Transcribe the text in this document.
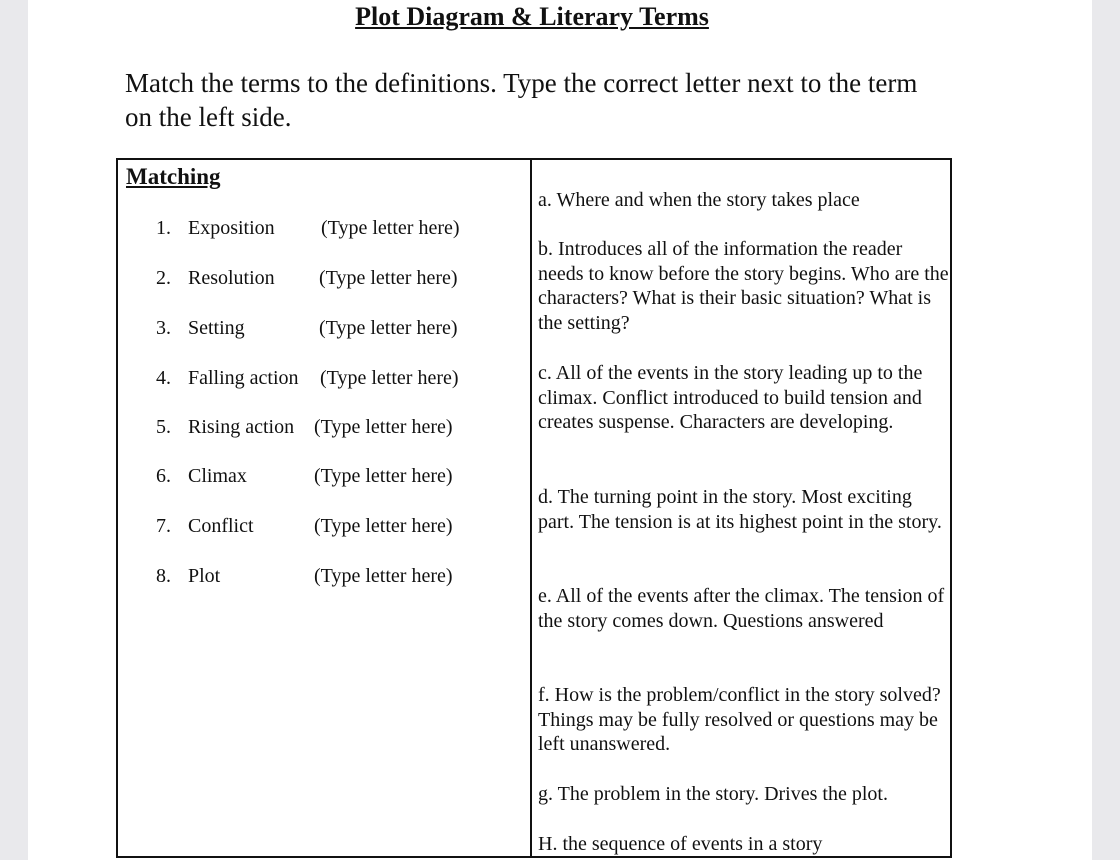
Plot Diagram & Literary Terms
Match the terms to the definitions. Type the correct letter next to the term on the left side.
Matching
1. Exposition (Type letter here)
2. Resolution (Type letter here)
3. Setting	(Type letter here)
4. Falling action (Type letter here)
5. Rising action (Type letter here)
6. Climax	(Type letter here)
7. Conflict	(Type letter here)
8. Plot	(Type letter here)
a. Where and when the story takes place
b. Introduces all of the information the reader needs to know before the story begins. Who are the characters? What is their basic situation? What is the setting?
c. All of the events in the story leading up to the climax. Conflict introduced to build tension and creates suspense. Characters are developing.
d. The turning point in the story. Most exciting part. The tension is at its highest point in the story.
e. All of the events after the climax. The tension of the story comes down. Questions answered
f. How is the problem/conflict in the story solved? Things may be fully resolved or questions may be left unanswered.
g. The problem in the story. Drives the plot.
H. the sequence of events in a story
